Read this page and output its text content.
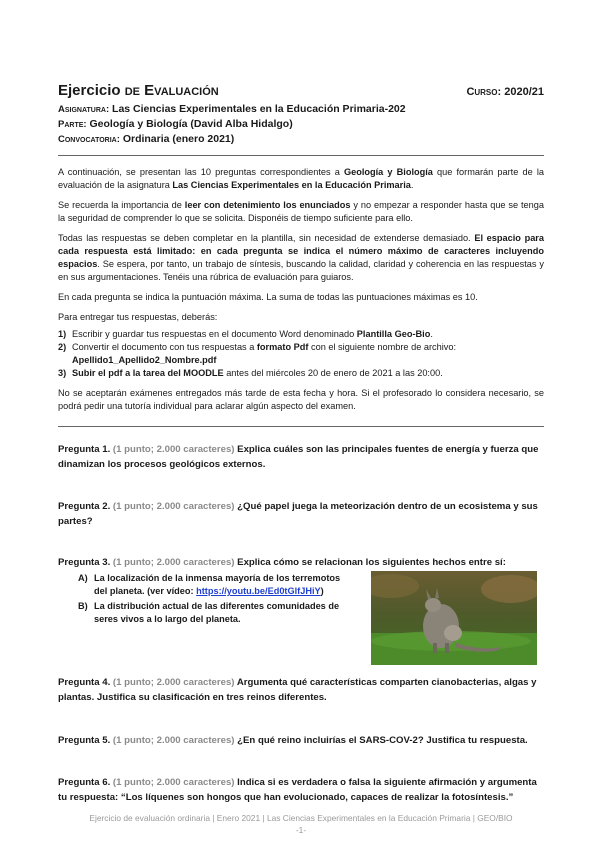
Ejercicio de Evaluación	Curso: 2020/21
Asignatura: Las Ciencias Experimentales en la Educación Primaria-202
Parte: Geología y Biología (David Alba Hidalgo)
Convocatoria: Ordinaria (enero 2021)

A continuación, se presentan las 10 preguntas correspondientes a Geología y Biología que formarán parte de la evaluación de la asignatura Las Ciencias Experimentales en la Educación Primaria.

Se recuerda la importancia de leer con detenimiento los enunciados y no empezar a responder hasta que se tenga la seguridad de comprender lo que se solicita. Disponéis de tiempo suficiente para ello.

Todas las respuestas se deben completar en la plantilla, sin necesidad de extenderse demasiado. El espacio para cada respuesta está limitado: en cada pregunta se indica el número máximo de caracteres incluyendo espacios. Se espera, por tanto, un trabajo de síntesis, buscando la calidad, claridad y coherencia en las respuestas y en sus argumentaciones. Tenéis una rúbrica de evaluación para guiaros.

En cada pregunta se indica la puntuación máxima. La suma de todas las puntuaciones máximas es 10.

Para entregar tus respuestas, deberás:

1) Escribir y guardar tus respuestas en el documento Word denominado Plantilla Geo-Bio.
2) Convertir el documento con tus respuestas a formato Pdf con el siguiente nombre de archivo:
Apellido1_Apellido2_Nombre.pdf
3) Subir el pdf a la tarea del MOODLE antes del miércoles 20 de enero de 2021 a las 20:00.

No se aceptarán exámenes entregados más tarde de esta fecha y hora. Si el profesorado lo considera necesario, se podrá pedir una tutoría individual para aclarar algún aspecto del examen.

Pregunta 1. (1 punto; 2.000 caracteres) Explica cuáles son las principales fuentes de energía y fuerza que dinamizan los procesos geológicos externos.
Pregunta 2. (1 punto; 2.000 caracteres) ¿Qué papel juega la meteorización dentro de un ecosistema y sus partes?
Pregunta 3. (1 punto; 2.000 caracteres) Explica cómo se relacionan los siguientes hechos entre sí:
A) La localización de la inmensa mayoría de los terremotos del planeta. (ver vídeo: https://youtu.be/Ed0tGlfJHiY)
B) La distribución actual de las diferentes comunidades de seres vivos a lo largo del planeta.
Pregunta 4. (1 punto; 2.000 caracteres) Argumenta qué características comparten cianobacterias, algas y plantas. Justifica su clasificación en tres reinos diferentes.
Pregunta 5. (1 punto; 2.000 caracteres) ¿En qué reino incluirías el SARS-COV-2? Justifica tu respuesta.
Pregunta 6. (1 punto; 2.000 caracteres) Indica si es verdadera o falsa la siguiente afirmación y argumenta tu respuesta: “Los líquenes son hongos que han evolucionado, capaces de realizar la fotosíntesis.”
Ejercicio de evaluación ordinaria | Enero 2021 | Las Ciencias Experimentales en la Educación Primaria | GEO/BIO
-1-
